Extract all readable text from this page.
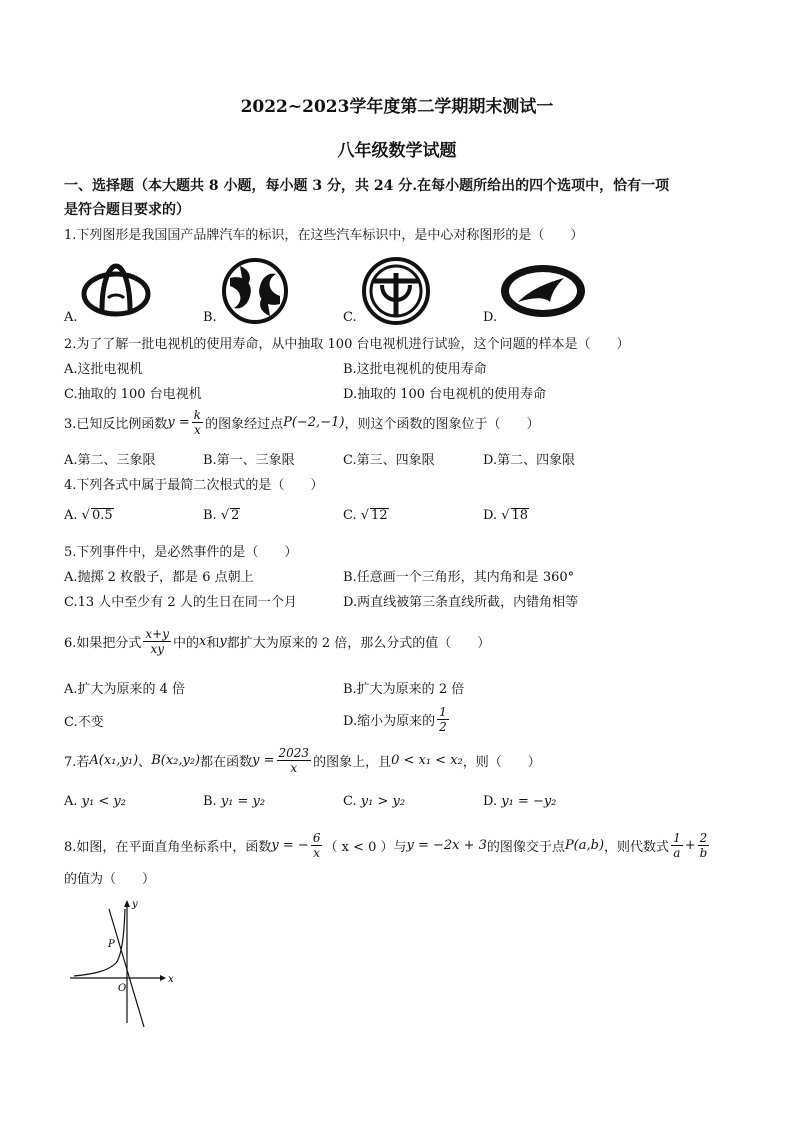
2022~2023学年度第二学期期末测试一
八年级数学试题
一、选择题（本大题共 8 小题，每小题 3 分，共 24 分.在每小题所给出的四个选项中，恰有一项
是符合题目要求的）
1.下列图形是我国国产品牌汽车的标识，在这些汽车标识中，是中心对称图形的是（　　）
A.	B.	C.	D.
2.为了了解一批电视机的使用寿命，从中抽取 100 台电视机进行试验，这个问题的样本是（　　）
A.这批电视机	B.这批电视机的使用寿命
C.抽取的 100 台电视机	D.抽取的 100 台电视机的使用寿命
3.已知反比例函数 $y = \frac{k}{x}$ 的图象经过点 P(−2,−1) ，则这个函数的图象位于（　　）
A.第二、三象限	B.第一、三象限	C.第三、四象限	D.第二、四象限
4.下列各式中属于最简二次根式的是（　　）
A. √ 0.5	B. √ 2	C. √ 12	D. √ 18
5.下列事件中，是必然事件的是（　　）
A.抛掷 2 枚骰子，都是 6 点朝上	B.任意画一个三角形，其内角和是 360°
C.13 人中至少有 2 人的生日在同一个月	D.两直线被第三条直线所截，内错角相等
6.如果把分式 $\frac{x+y}{xy}$ 中的 x 和 y 都扩大为原来的 2 倍，那么分式的值（　　）
A.扩大为原来的 4 倍	B.扩大为原来的 2 倍
C.不变	D.缩小为原来的 $\frac{1}{2}$
7.若 A(x₁,y₁) 、 B(x₂,y₂) 都在函数 $y = \frac{2023}{x}$ 的图象上，且 0 < x₁ < x₂ ，则（　　）
A. y₁ < y₂	B. y₁ = y₂	C. y₁ > y₂	D. y₁ = −y₂
8.如图，在平面直角坐标系中，函数 y = − $\frac{6}{x}$ （ x < 0 ）与 y = −2x + 3 的图像交于点 P(a,b) ，则代数式 $\frac{1}{a} + \frac{2}{b}$
的值为（　　）
x
y
P
O
